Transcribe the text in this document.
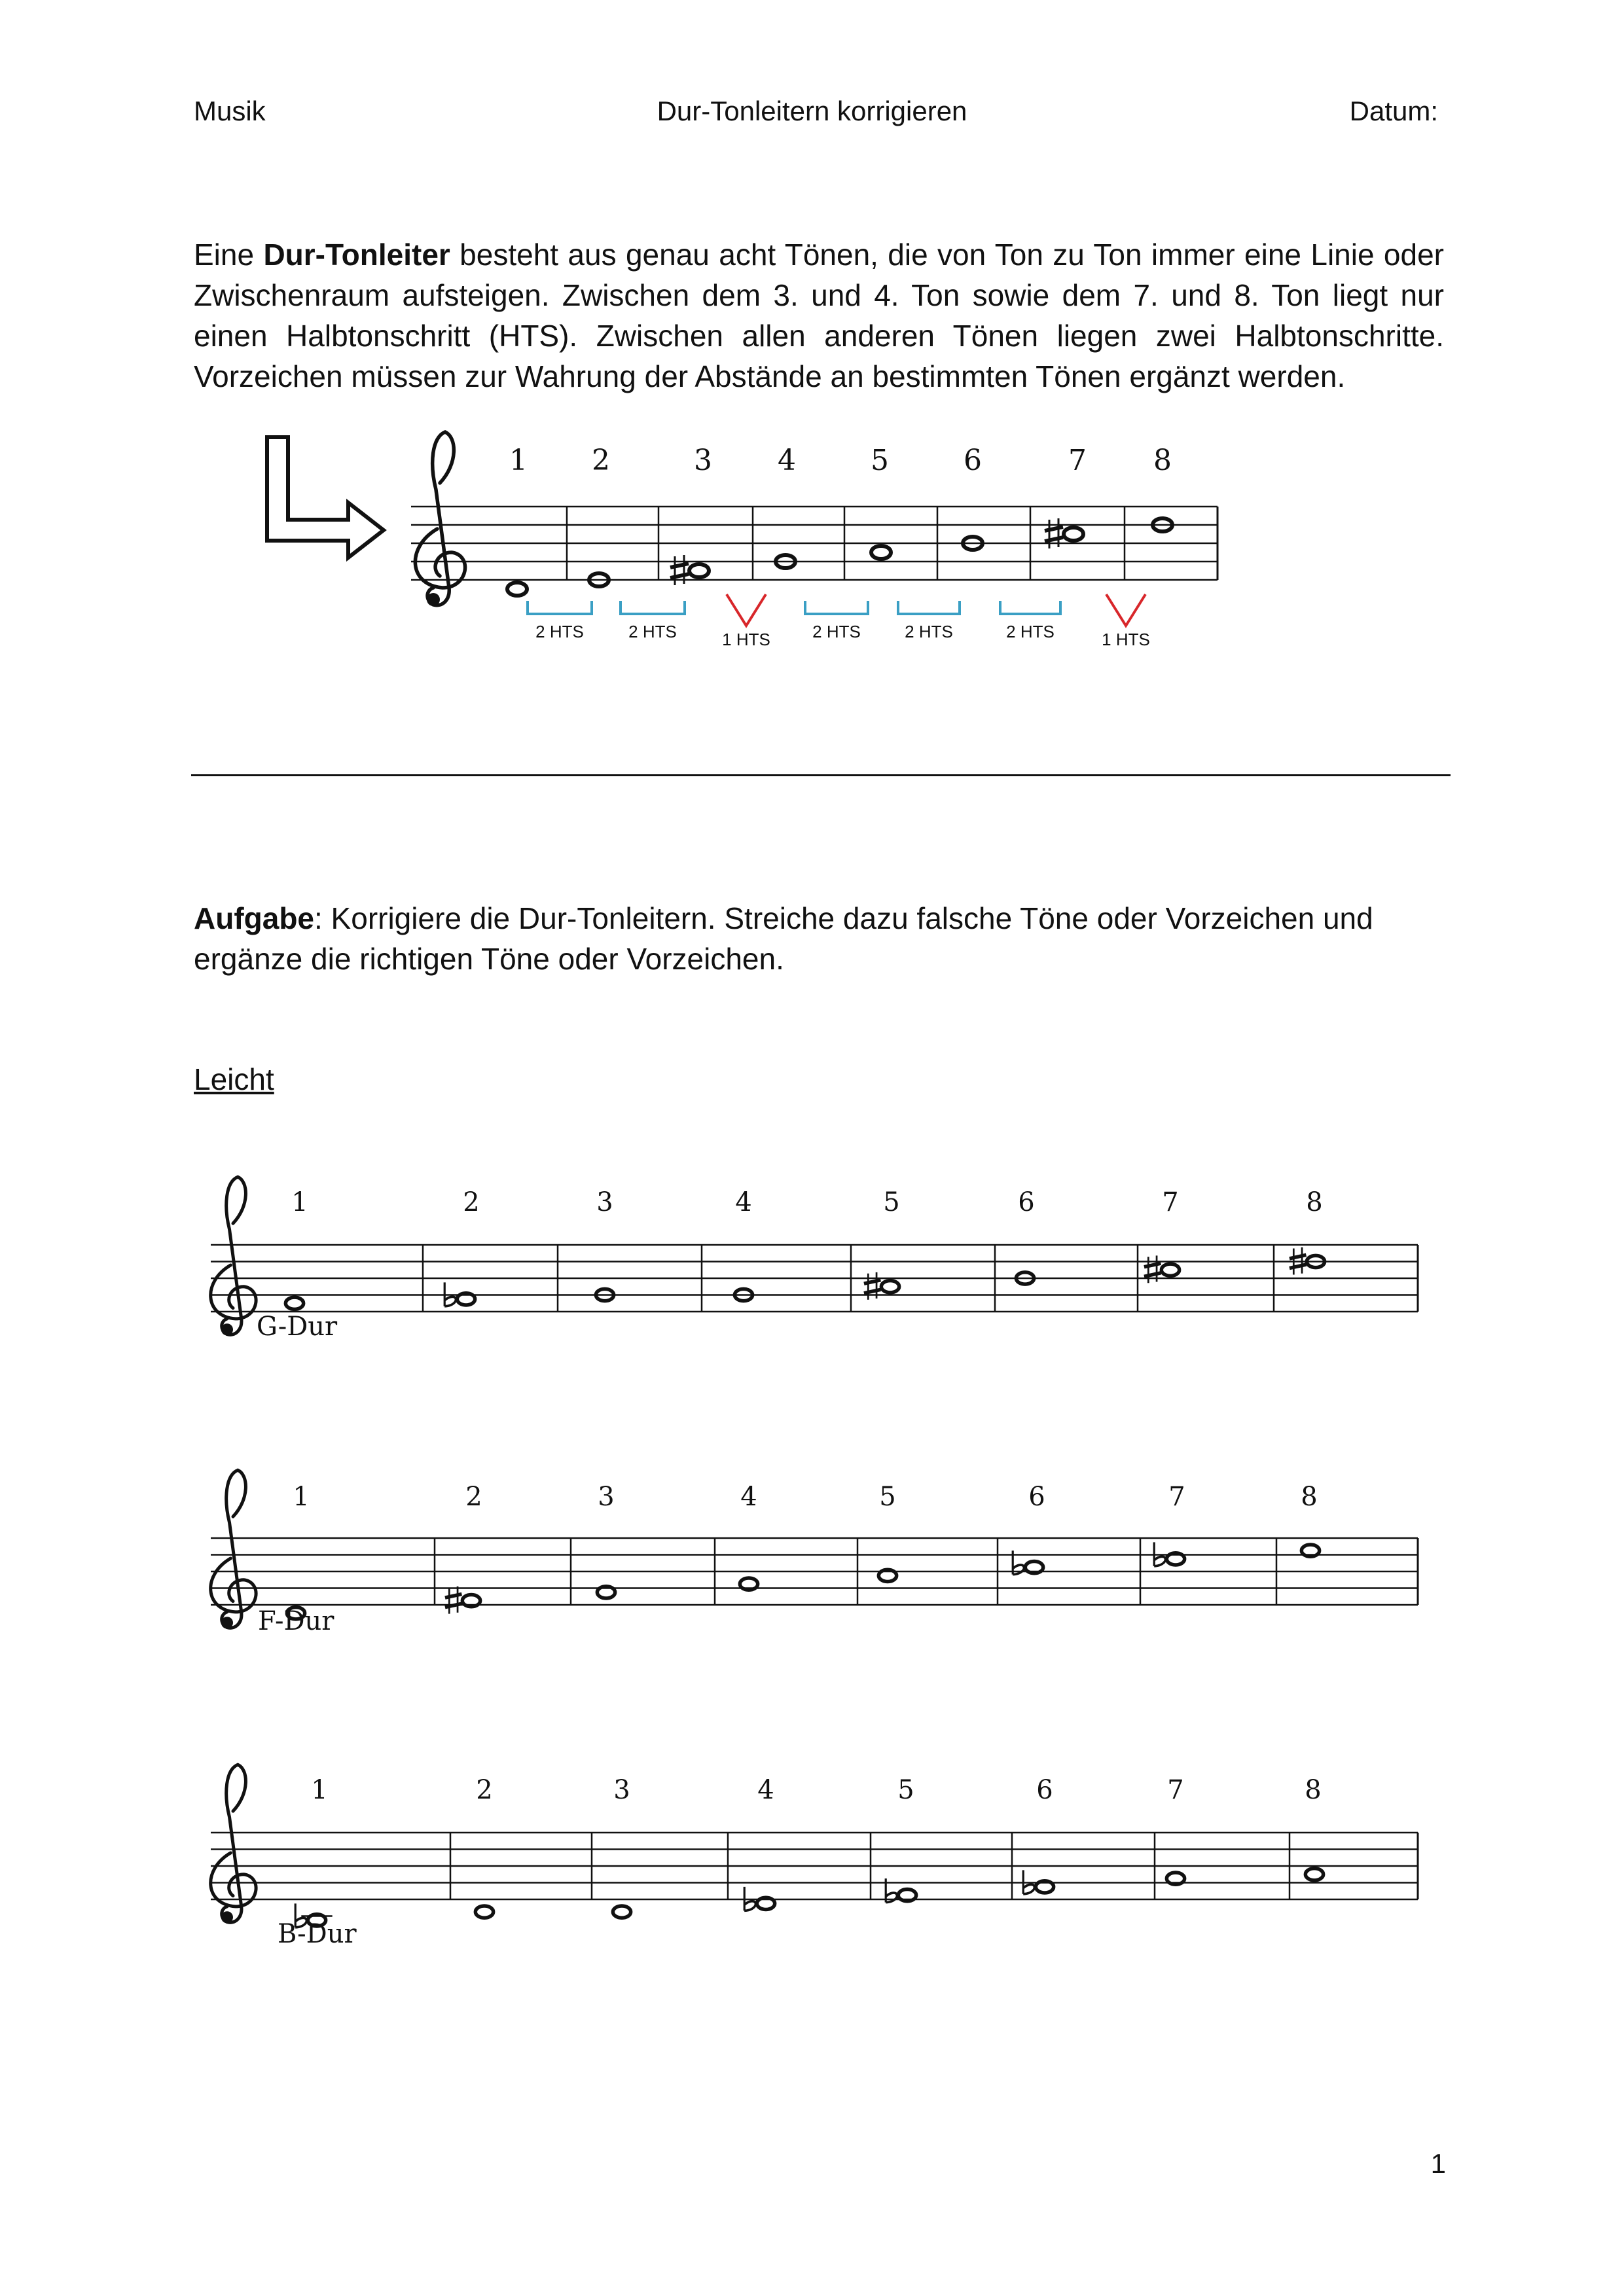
Musik	Dur-Tonleitern korrigieren	Datum:
Eine Dur-Tonleiter besteht aus genau acht Tönen, die von Ton zu Ton immer eine Linie oder Zwischenraum aufsteigen. Zwischen dem 3. und 4. Ton sowie dem 7. und 8. Ton liegt nur einen Halbtonschritt (HTS). Zwischen allen anderen Tönen liegen zwei Halbtonschritte. Vorzeichen müssen zur Wahrung der Abstände an bestimmten Tönen ergänzt werden.
1 2	3 4	5	6	7 8
2 HTS	2 HTS	1 HTS 2 HTS	2 HTS	2 HTS	1 HTS
1	2	3	4	5	6	7	8
G-Dur
1	2	3	4	5	6	7	8
F-Dur
1	2	3	4	5	6	7	8
B-Dur
Aufgabe: Korrigiere die Dur-Tonleitern. Streiche dazu falsche Töne oder Vorzeichen und ergänze die richtigen Töne oder Vorzeichen.
Leicht
1
